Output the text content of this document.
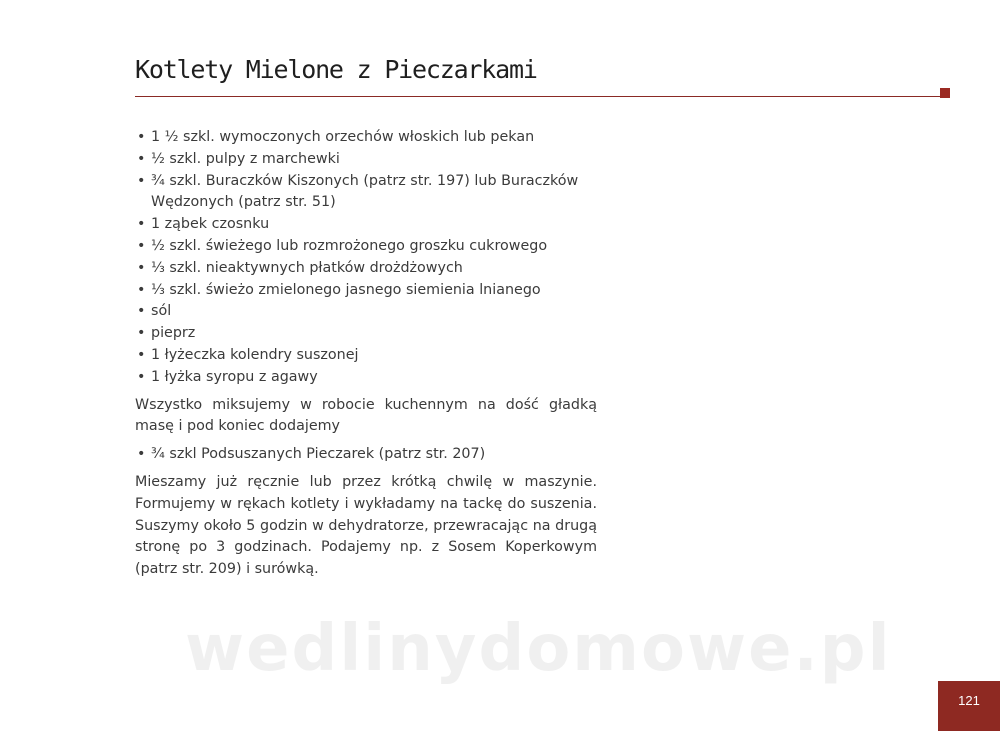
Kotlety Mielone z Pieczarkami
• 1 ½ szkl. wymoczonych orzechów włoskich lub pekan
• ½ szkl. pulpy z marchewki
• ¾ szkl. Buraczków Kiszonych (patrz str. 197) lub Buraczków Wędzonych (patrz str. 51)
• 1 ząbek czosnku
• ½ szkl. świeżego lub rozmrożonego groszku cukrowego
• ⅓ szkl. nieaktywnych płatków drożdżowych
• ⅓ szkl. świeżo zmielonego jasnego siemienia lnianego
• sól
• pieprz
• 1 łyżeczka kolendry suszonej
• 1 łyżka syropu z agawy

Wszystko miksujemy w robocie kuchennym na dość gładką masę i pod koniec dodajemy

• ¾ szkl Podsuszanych Pieczarek (patrz str. 207)

Mieszamy już ręcznie lub przez krótką chwilę w maszynie. Formujemy w rękach kotlety i wykładamy na tackę do suszenia. Suszymy około 5 godzin w dehydratorze, przewracając na drugą stronę po 3 godzinach. Podajemy np. z Sosem Koperkowym (patrz str. 209) i surówką.

wedlinydomowe.pl
121
